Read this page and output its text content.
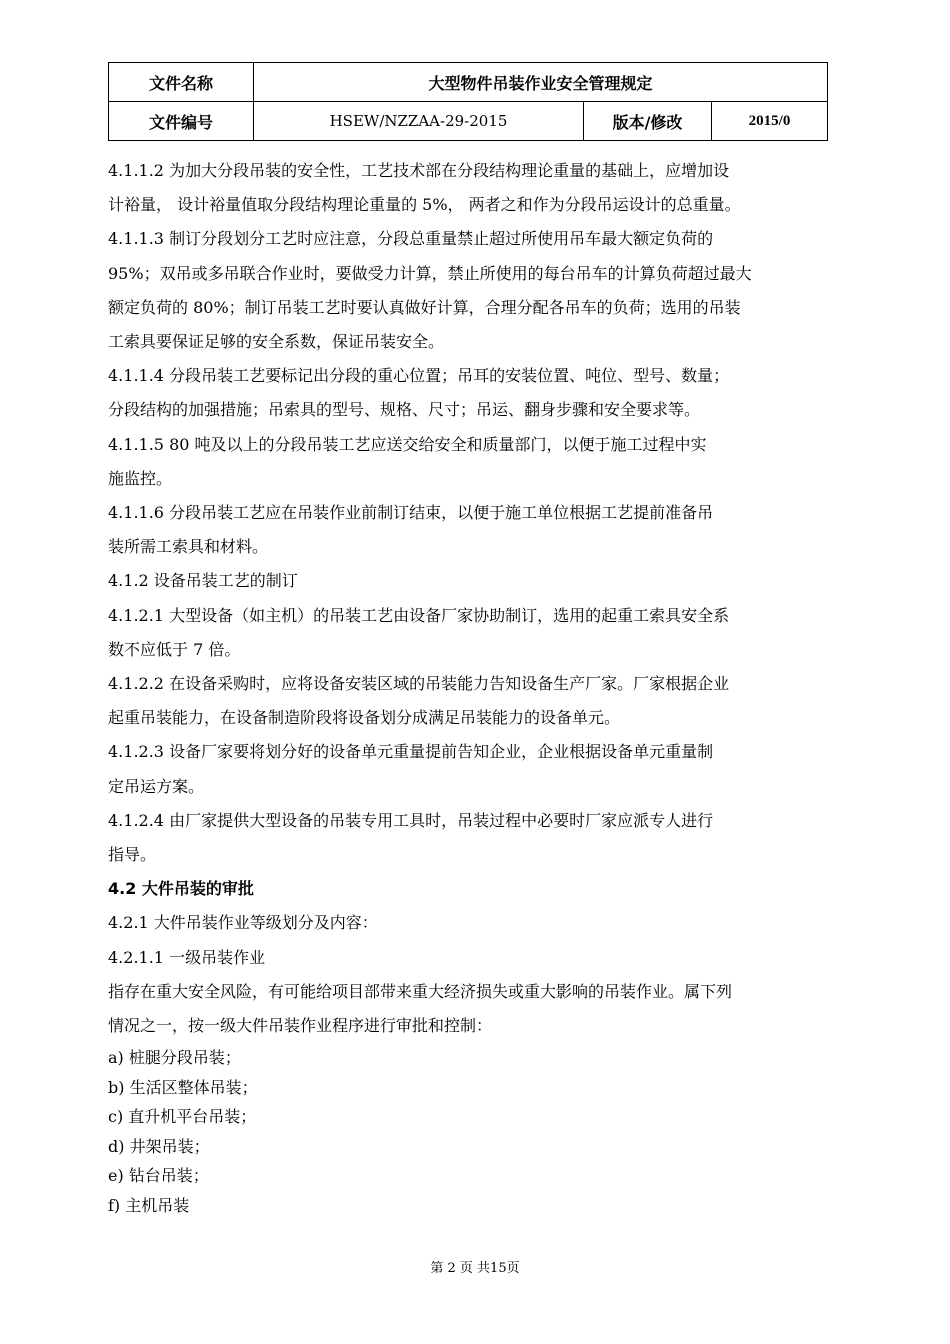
文件名称	大型物件吊装作业安全管理规定		
文件编号	HSEW/NZZAA-29-2015	版本/修改	2015/0

4.1.1.2 为加大分段吊装的安全性，工艺技术部在分段结构理论重量的基础上，应增加设

计裕量， 设计裕量值取分段结构理论重量的 5%， 两者之和作为分段吊运设计的总重量。

4.1.1.3 制订分段划分工艺时应注意，分段总重量禁止超过所使用吊车最大额定负荷的

95%；双吊或多吊联合作业时，要做受力计算，禁止所使用的每台吊车的计算负荷超过最大

额定负荷的 80%；制订吊装工艺时要认真做好计算，合理分配各吊车的负荷；选用的吊装

工索具要保证足够的安全系数，保证吊装安全。

4.1.1.4 分段吊装工艺要标记出分段的重心位置；吊耳的安装位置、吨位、型号、数量；

分段结构的加强措施；吊索具的型号、规格、尺寸；吊运、翻身步骤和安全要求等。

4.1.1.5 80 吨及以上的分段吊装工艺应送交给安全和质量部门，以便于施工过程中实

施监控。

4.1.1.6 分段吊装工艺应在吊装作业前制订结束，以便于施工单位根据工艺提前准备吊

装所需工索具和材料。

4.1.2 设备吊装工艺的制订

4.1.2.1 大型设备（如主机）的吊装工艺由设备厂家协助制订，选用的起重工索具安全系

数不应低于 7 倍。

4.1.2.2 在设备采购时，应将设备安装区域的吊装能力告知设备生产厂家。厂家根据企业

起重吊装能力，在设备制造阶段将设备划分成满足吊装能力的设备单元。

4.1.2.3 设备厂家要将划分好的设备单元重量提前告知企业，企业根据设备单元重量制

定吊运方案。

4.1.2.4 由厂家提供大型设备的吊装专用工具时，吊装过程中必要时厂家应派专人进行

指导。

4.2 大件吊装的审批

4.2.1 大件吊装作业等级划分及内容：

4.2.1.1 一级吊装作业

指存在重大安全风险，有可能给项目部带来重大经济损失或重大影响的吊装作业。属下列

情况之一，按一级大件吊装作业程序进行审批和控制：

a) 桩腿分段吊装；

b) 生活区整体吊装；

c) 直升机平台吊装；

d) 井架吊装；

e) 钻台吊装；

f) 主机吊装

第 2 页 共15页
